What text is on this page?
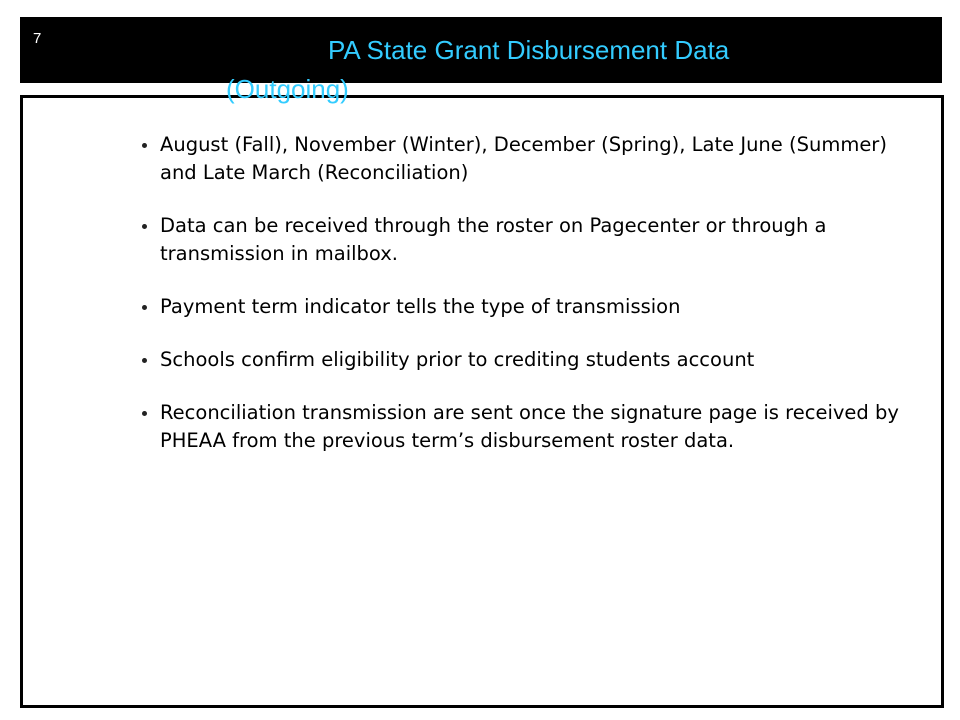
7	PA State Grant Disbursement Data
(Outgoing)
August (Fall), November (Winter), December (Spring), Late June (Summer) and Late March (Reconciliation)
Data can be received through the roster on Pagecenter or through a transmission in mailbox.
Payment term indicator tells the type of transmission
Schools confirm eligibility prior to crediting students account
Reconciliation transmission are sent once the signature page is received by PHEAA from the previous term’s disbursement roster data.
